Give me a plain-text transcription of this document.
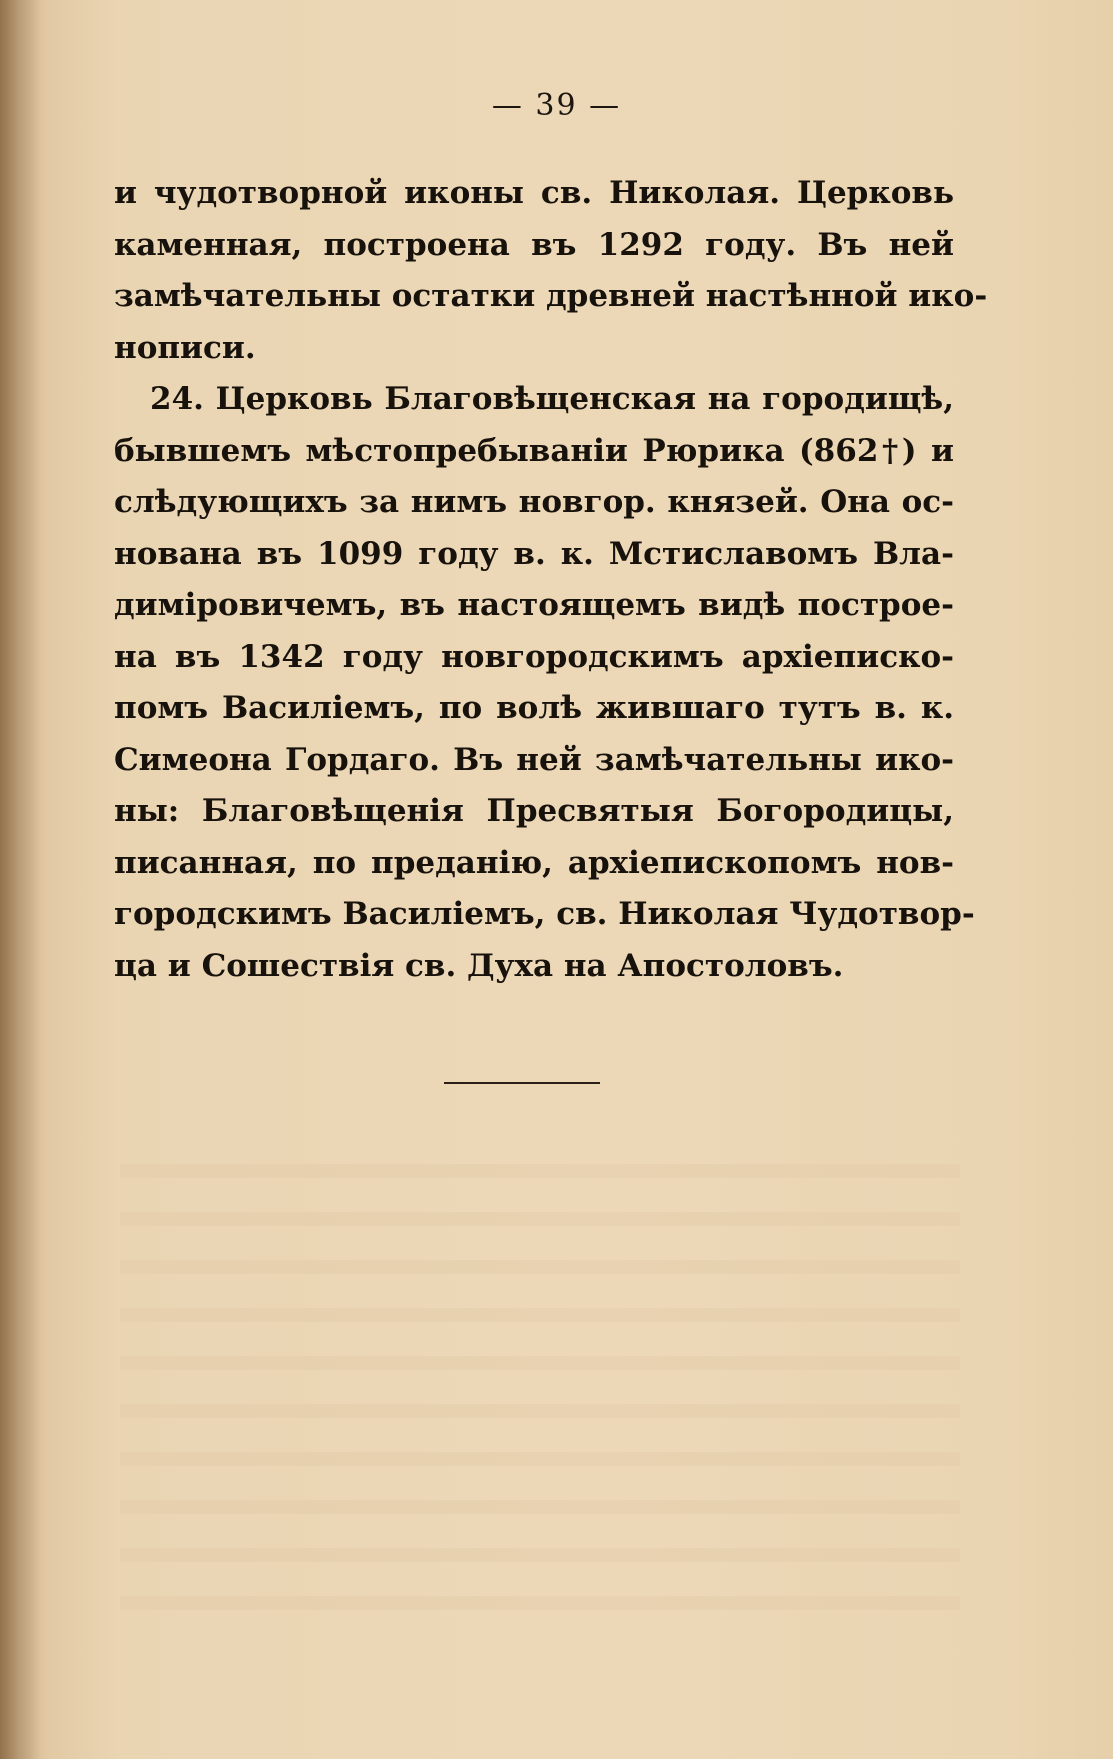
— 39 —
и чудотворной иконы св. Николая. Церковь
каменная, построена въ 1292 году. Въ ней
замѣчательны остатки древней настѣнной ико-
нописи.
24. Церковь Благовѣщенская на городищѣ,
бывшемъ мѣстопребываніи Рюрика (862†) и
слѣдующихъ за нимъ новгор. князей. Она ос-
нована въ 1099 году в. к. Мстиславомъ Вла-
диміровичемъ, въ настоящемъ видѣ построе-
на въ 1342 году новгородскимъ архіеписко-
помъ Василіемъ, по волѣ жившаго тутъ в. к.
Симеона Гордаго. Въ ней замѣчательны ико-
ны: Благовѣщенія Пресвятыя Богородицы,
писанная, по преданію, архіепископомъ нов-
городскимъ Василіемъ, св. Николая Чудотвор-
ца и Сошествія св. Духа на Апостоловъ.
